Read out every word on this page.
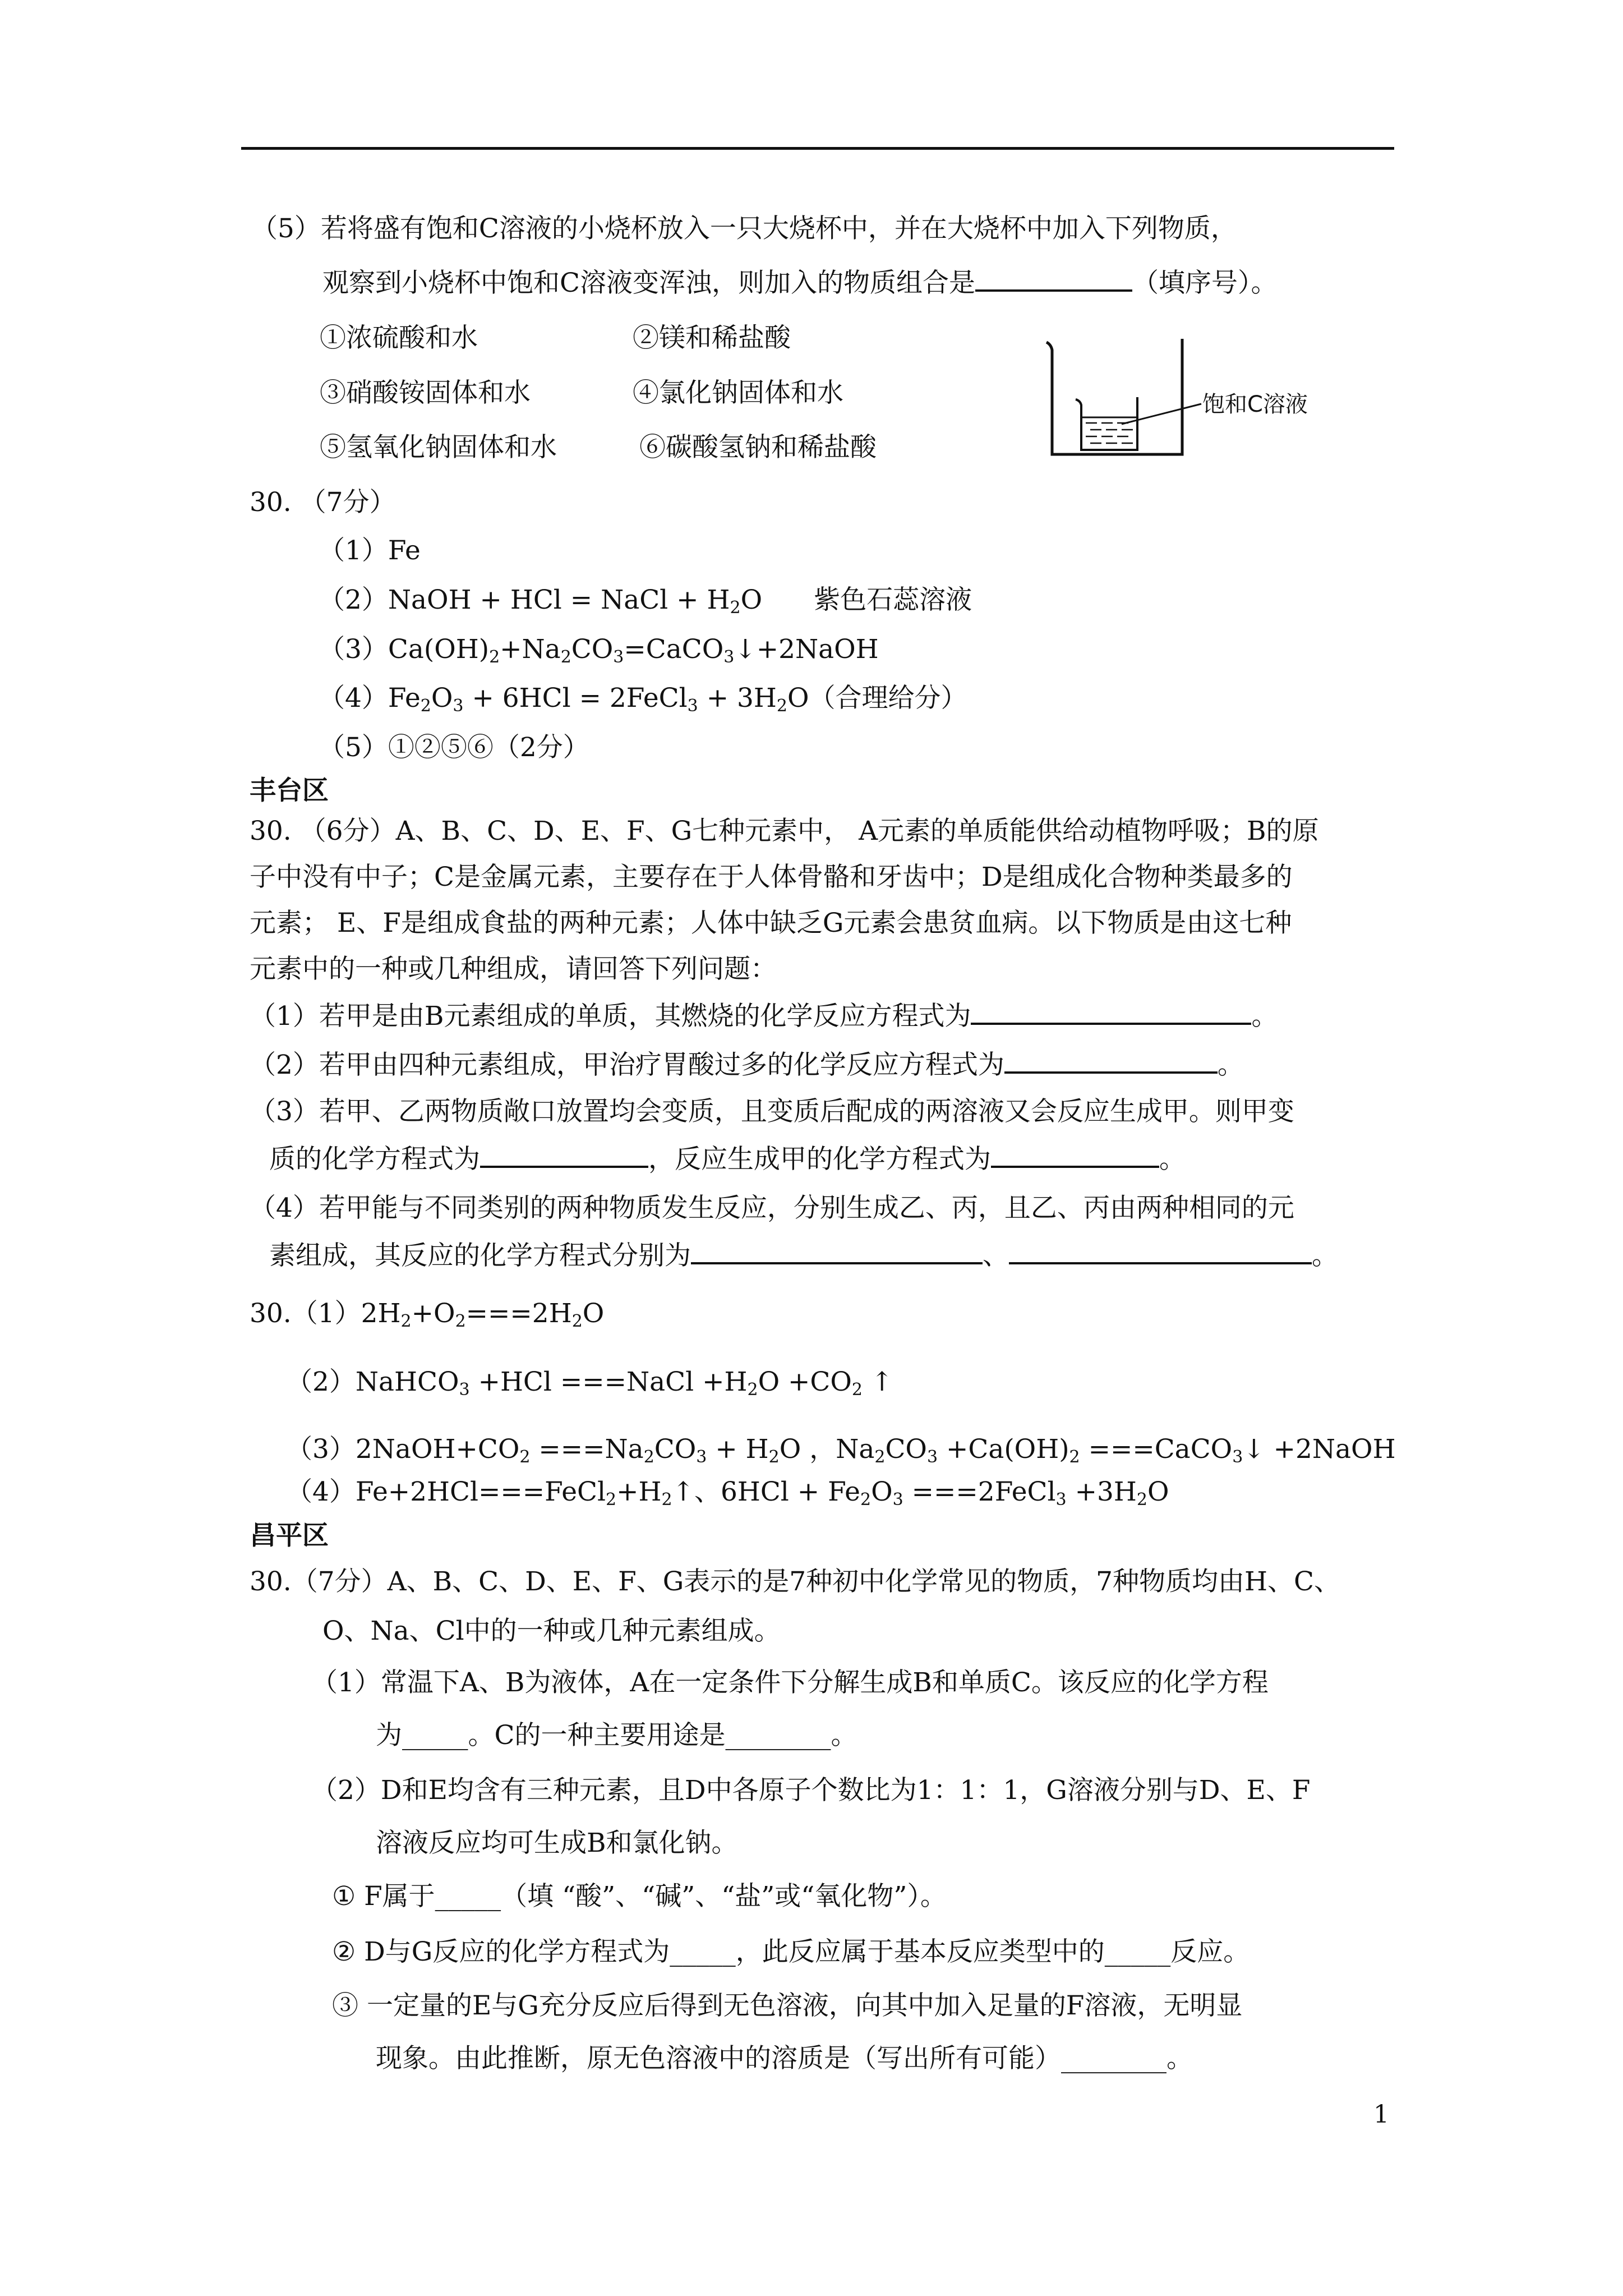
（5）若将盛有饱和C溶液的小烧杯放入一只大烧杯中，并在大烧杯中加入下列物质，
观察到小烧杯中饱和C溶液变浑浊，则加入的物质组合是	（填序号）。
①浓硫酸和水	②镁和稀盐酸
③硝酸铵固体和水	④氯化钠固体和水
⑤氢氧化钠固体和水	⑥碳酸氢钠和稀盐酸
饱和C溶液
30. （7分）
（1）Fe
（2）NaOH + HCl = NaCl + $H_2O$ 紫色石蕊溶液
$(3)Ca(OH)_2+Na_2CO_3=CaCO_3↓+2NaOH$
$(4)Fe_2O_3 + 6HCl$ = 2FeCl$_3$ + $3H_2O$（合理给分）
（5）①②⑤⑥（2分）
丰台区
30. （6分）A、B、C、D、E、F、G七种元素中， A元素的单质能供给动植物呼吸；B的原
子中没有中子；C是金属元素，主要存在于人体骨骼和牙齿中；D是组成化合物种类最多的
元素； E、F是组成食盐的两种元素；人体中缺乏G元素会患贫血病。以下物质是由这七种
元素中的一种或几种组成，请回答下列问题：
（1）若甲是由B元素组成的单质，其燃烧的化学反应方程式为	。
（2）若甲由四种元素组成，甲治疗胃酸过多的化学反应方程式为	。
（3）若甲、乙两物质敞口放置均会变质，且变质后配成的两溶液又会反应生成甲。则甲变
质的化学方程式为	，反应生成甲的化学方程式为	。
（4）若甲能与不同类别的两种物质发生反应，分别生成乙、丙，且乙、丙由两种相同的元
素组成，其反应的化学方程式分别为	、	。
$30.(1)2H_2+O_2===2H_2O$
（2）NaHCO$_3$ +HCl ===NaCl $+H_2O +CO_2$ ↑
$(3)2NaOH+CO_2 ===Na_2CO_3 + H_2O$ ，$Na_2CO_3 +Ca(OH)_2$ ===CaCO$_3$↓ +2NaOH
$(4)Fe+2HCl===FeCl_2+H_2↑$、$6HCl + Fe_2O_3$ ===2FeCl$_3$ $+3H_2O$
昌平区
30.（7分）A、B、C、D、E、F、G表示的是7种初中化学常见的物质，7种物质均由H、C、
O、Na、Cl中的一种或几种元素组成。
（1）常温下A、B为液体，A在一定条件下分解生成B和单质C。该反应的化学方程
为_____。C的一种主要用途是________。
（2）D和E均含有三种元素，且D中各原子个数比为1：1：1，G溶液分别与D、E、F
溶液反应均可生成B和氯化钠。
① F属于_____（填 “酸”、“碱”、“盐”或“氧化物”）。
② D与G反应的化学方程式为_____，此反应属于基本反应类型中的_____反应。
③ 一定量的E与G充分反应后得到无色溶液，向其中加入足量的F溶液，无明显
现象。由此推断，原无色溶液中的溶质是（写出所有可能）________。
1
